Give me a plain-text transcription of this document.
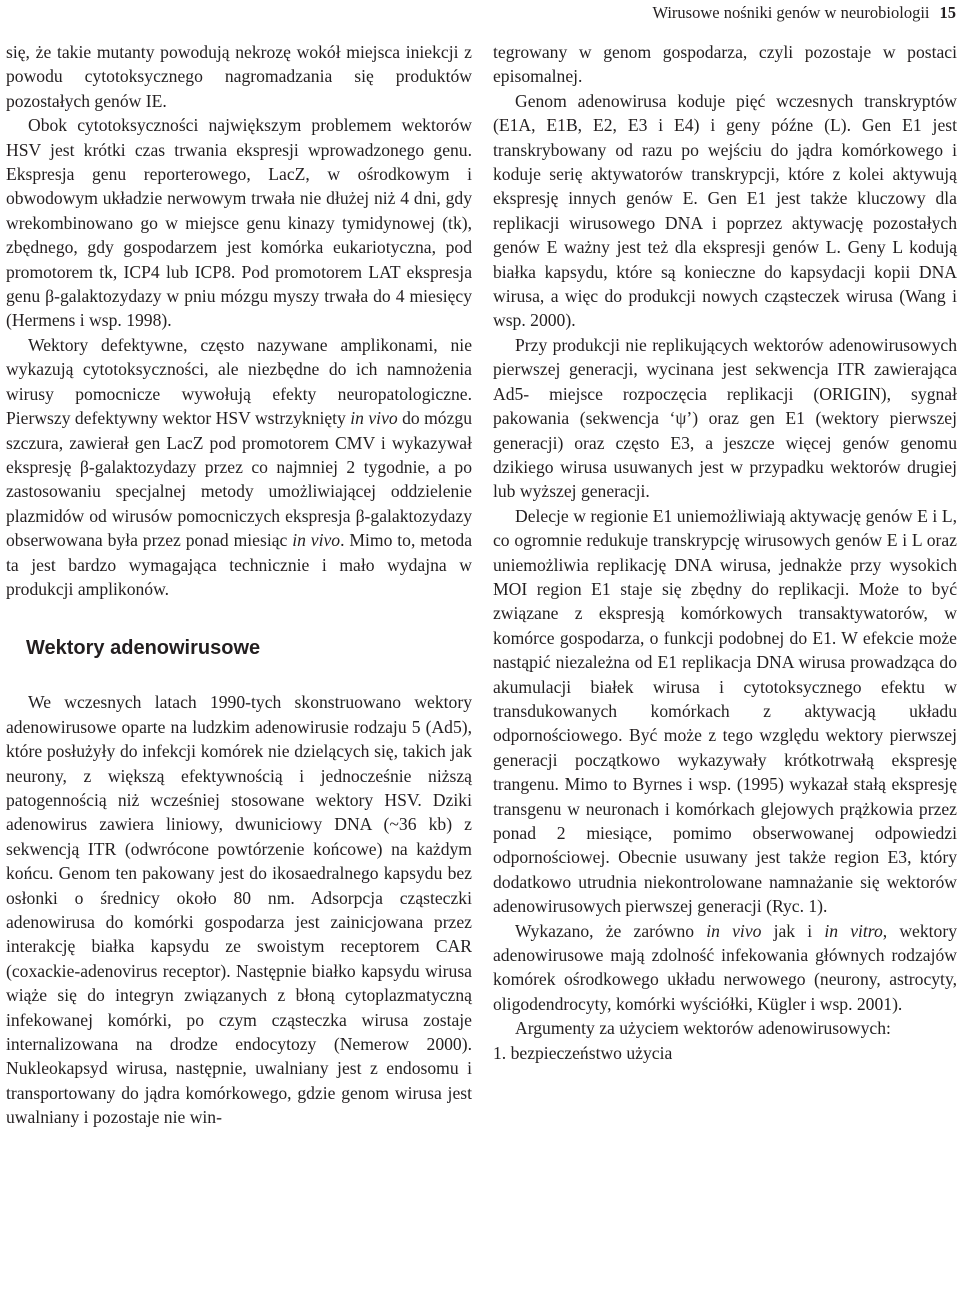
Wirusowe nośniki genów w neurobiologii 15

się, że takie mutanty powodują nekrozę wokół miejsca iniekcji z powodu cytotoksycznego nagromadzania się produktów pozostałych genów IE.

Obok cytotoksyczności największym problemem wektorów HSV jest krótki czas trwania ekspresji wprowadzonego genu. Ekspresja genu reporterowego, LacZ, w ośrodkowym i obwodowym układzie nerwowym trwała nie dłużej niż 4 dni, gdy wrekombinowano go w miejsce genu kinazy tymidynowej (tk), zbędnego, gdy gospodarzem jest komórka eukariotyczna, pod promotorem tk, ICP4 lub ICP8. Pod promotorem LAT ekspresja genu β-galaktozydazy w pniu mózgu myszy trwała do 4 miesięcy (Hermens i wsp. 1998).

Wektory defektywne, często nazywane amplikonami, nie wykazują cytotoksyczności, ale niezbędne do ich namnożenia wirusy pomocnicze wywołują efekty neuropatologiczne. Pierwszy defektywny wektor HSV wstrzyknięty in vivo do mózgu szczura, zawierał gen LacZ pod promotorem CMV i wykazywał ekspresję β-galaktozydazy przez co najmniej 2 tygodnie, a po zastosowaniu specjalnej metody umożliwiającej oddzielenie plazmidów od wirusów pomocniczych ekspresja β-galaktozydazy obserwowana była przez ponad miesiąc in vivo. Mimo to, metoda ta jest bardzo wymagająca technicznie i mało wydajna w produkcji amplikonów.

Wektory adenowirusowe

We wczesnych latach 1990-tych skonstruowano wektory adenowirusowe oparte na ludzkim adenowirusie rodzaju 5 (Ad5), które posłużyły do infekcji komórek nie dzielących się, takich jak neurony, z większą efektywnością i jednocześnie niższą patogennością niż wcześniej stosowane wektory HSV. Dziki adenowirus zawiera liniowy, dwuniciowy DNA (~36 kb) z sekwencją ITR (odwrócone powtórzenie końcowe) na każdym końcu. Genom ten pakowany jest do ikosaedralnego kapsydu bez osłonki o średnicy około 80 nm. Adsorpcja cząsteczki adenowirusa do komórki gospodarza jest zainicjowana przez interakcję białka kapsydu ze swoistym receptorem CAR (coxackie-adenovirus receptor). Następnie białko kapsydu wirusa wiąże się do integryn związanych z błoną cytoplazmatyczną infekowanej komórki, po czym cząsteczka wirusa zostaje internalizowana na drodze endocytozy (Nemerow 2000). Nukleokapsyd wirusa, następnie, uwalniany jest z endosomu i transportowany do jądra komórkowego, gdzie genom wirusa jest uwalniany i pozostaje nie win-

tegrowany w genom gospodarza, czyli pozostaje w postaci episomalnej.

Genom adenowirusa koduje pięć wczesnych transkryptów (E1A, E1B, E2, E3 i E4) i geny późne (L). Gen E1 jest transkrybowany od razu po wejściu do jądra komórkowego i koduje serię aktywatorów transkrypcji, które z kolei aktywują ekspresję innych genów E. Gen E1 jest także kluczowy dla replikacji wirusowego DNA i poprzez aktywację pozostałych genów E ważny jest też dla ekspresji genów L. Geny L kodują białka kapsydu, które są konieczne do kapsydacji kopii DNA wirusa, a więc do produkcji nowych cząsteczek wirusa (Wang i wsp. 2000).

Przy produkcji nie replikujących wektorów adenowirusowych pierwszej generacji, wycinana jest sekwencja ITR zawierająca Ad5- miejsce rozpoczęcia replikacji (ORIGIN), sygnał pakowania (sekwencja ‘ψ’) oraz gen E1 (wektory pierwszej generacji) oraz często E3, a jeszcze więcej genów genomu dzikiego wirusa usuwanych jest w przypadku wektorów drugiej lub wyższej generacji.

Delecje w regionie E1 uniemożliwiają aktywację genów E i L, co ogromnie redukuje transkrypcję wirusowych genów E i L oraz uniemożliwia replikację DNA wirusa, jednakże przy wysokich MOI region E1 staje się zbędny do replikacji. Może to być związane z ekspresją komórkowych transaktywatorów, w komórce gospodarza, o funkcji podobnej do E1. W efekcie może nastąpić niezależna od E1 replikacja DNA wirusa prowadząca do akumulacji białek wirusa i cytotoksycznego efektu w transdukowanych komórkach z aktywacją układu odpornościowego. Być może z tego względu wektory pierwszej generacji początkowo wykazywały krótkotrwałą ekspresję trangenu. Mimo to Byrnes i wsp. (1995) wykazał stałą ekspresję transgenu w neuronach i komórkach glejowych prążkowia przez ponad 2 miesiące, pomimo obserwowanej odpowiedzi odpornościowej. Obecnie usuwany jest także region E3, który dodatkowo utrudnia niekontrolowane namnażanie się wektorów adenowirusowych pierwszej generacji (Ryc. 1).

Wykazano, że zarówno in vivo jak i in vitro, wektory adenowirusowe mają zdolność infekowania głównych rodzajów komórek ośrodkowego układu nerwowego (neurony, astrocyty, oligodendrocyty, komórki wyściółki, Kügler i wsp. 2001).

Argumenty za użyciem wektorów adenowirusowych:

1. bezpieczeństwo użycia
